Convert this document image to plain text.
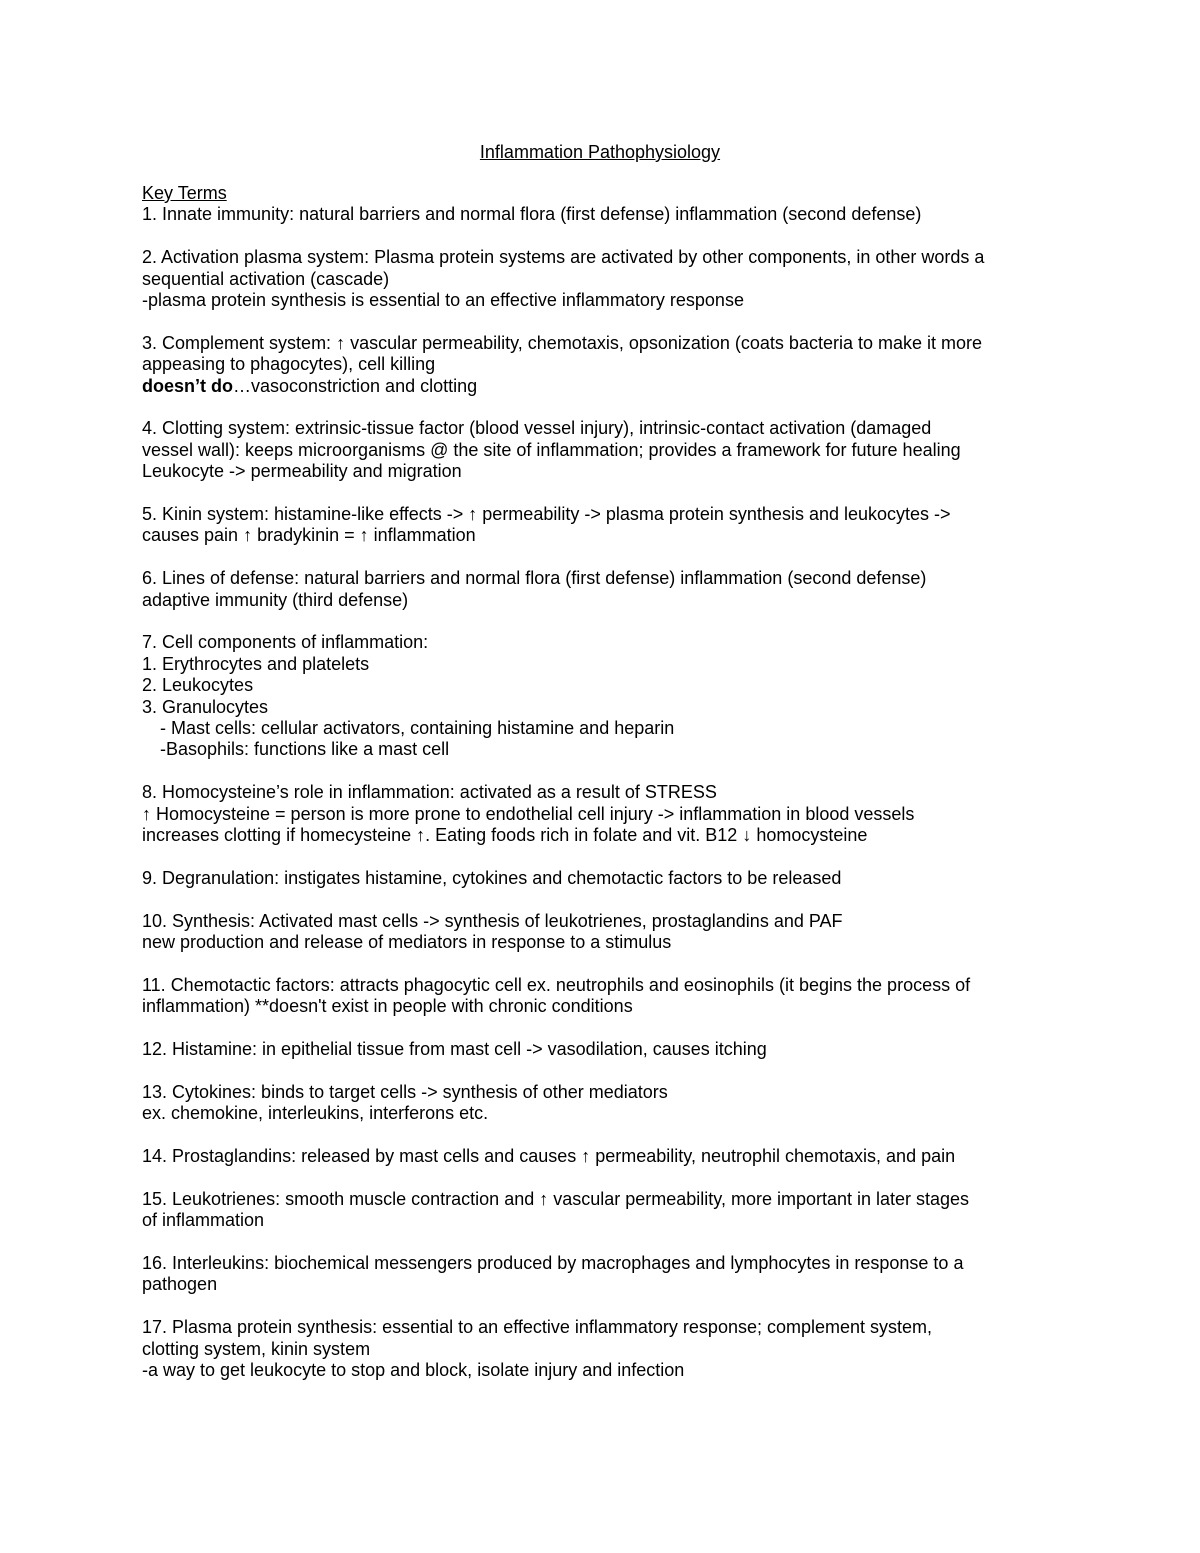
Inflammation Pathophysiology
Key Terms
1. Innate immunity: natural barriers and normal flora (first defense) inflammation (second defense)
2. Activation plasma system: Plasma protein systems are activated by other components, in other words a
sequential activation (cascade)
-plasma protein synthesis is essential to an effective inflammatory response
3. Complement system: ↑ vascular permeability, chemotaxis, opsonization (coats bacteria to make it more
appeasing to phagocytes), cell killing
doesn’t do…vasoconstriction and clotting
4. Clotting system: extrinsic-tissue factor (blood vessel injury), intrinsic-contact activation (damaged
vessel wall): keeps microorganisms @ the site of inflammation; provides a framework for future healing
Leukocyte -> permeability and migration
5. Kinin system: histamine-like effects -> ↑ permeability -> plasma protein synthesis and leukocytes ->
causes pain ↑ bradykinin = ↑ inflammation
6. Lines of defense: natural barriers and normal flora (first defense) inflammation (second defense)
adaptive immunity (third defense)
7. Cell components of inflammation:
1. Erythrocytes and platelets
2. Leukocytes
3. Granulocytes
- Mast cells: cellular activators, containing histamine and heparin
-Basophils: functions like a mast cell
8. Homocysteine’s role in inflammation: activated as a result of STRESS
↑ Homocysteine = person is more prone to endothelial cell injury -> inflammation in blood vessels
increases clotting if homecysteine ↑. Eating foods rich in folate and vit. B12 ↓ homocysteine
9. Degranulation: instigates histamine, cytokines and chemotactic factors to be released
10. Synthesis: Activated mast cells -> synthesis of leukotrienes, prostaglandins and PAF
new production and release of mediators in response to a stimulus
11. Chemotactic factors: attracts phagocytic cell ex. neutrophils and eosinophils (it begins the process of
inflammation) **doesn't exist in people with chronic conditions
12. Histamine: in epithelial tissue from mast cell -> vasodilation, causes itching
13. Cytokines: binds to target cells -> synthesis of other mediators
ex. chemokine, interleukins, interferons etc.
14. Prostaglandins: released by mast cells and causes ↑ permeability, neutrophil chemotaxis, and pain
15. Leukotrienes: smooth muscle contraction and ↑ vascular permeability, more important in later stages
of inflammation
16. Interleukins: biochemical messengers produced by macrophages and lymphocytes in response to a
pathogen
17. Plasma protein synthesis: essential to an effective inflammatory response; complement system,
clotting system, kinin system
-a way to get leukocyte to stop and block, isolate injury and infection
